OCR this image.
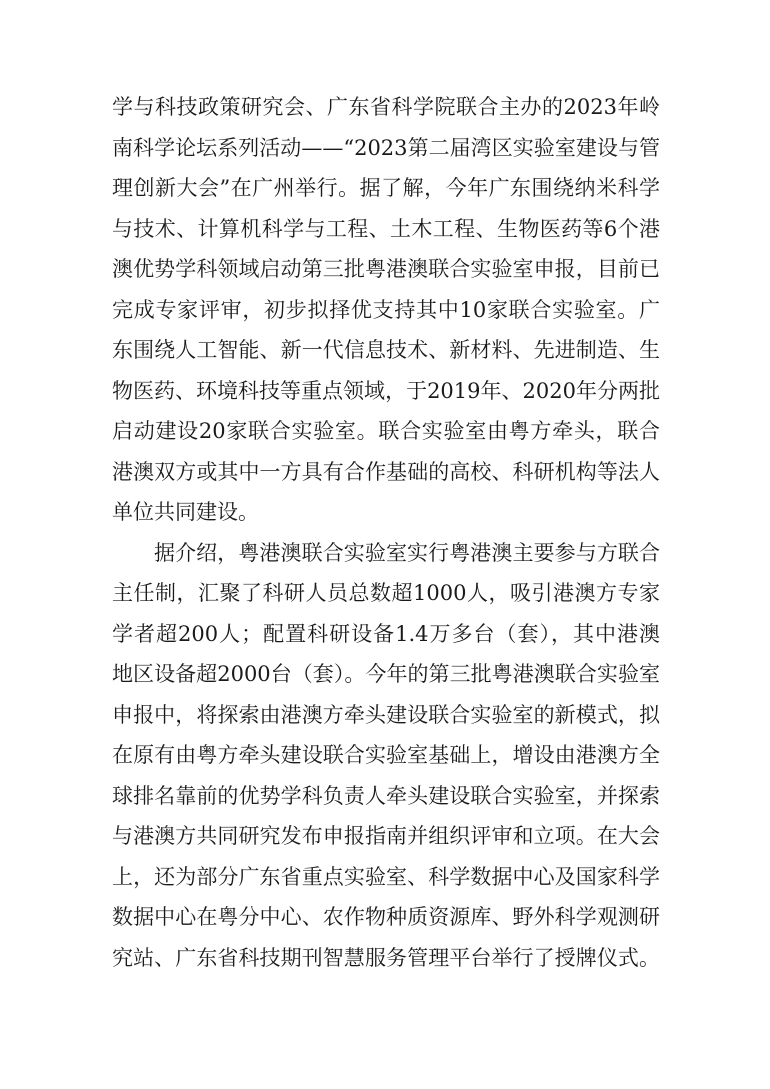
学与科技政策研究会、广东省科学院联合主办的2023年岭
南科学论坛系列活动——“2023第二届湾区实验室建设与管
理创新大会”在广州举行。据了解，今年广东围绕纳米科学
与技术、计算机科学与工程、土木工程、生物医药等6个港
澳优势学科领域启动第三批粤港澳联合实验室申报，目前已
完成专家评审，初步拟择优支持其中10家联合实验室。广
东围绕人工智能、新一代信息技术、新材料、先进制造、生
物医药、环境科技等重点领域，于2019年、2020年分两批
启动建设20家联合实验室。联合实验室由粤方牵头，联合
港澳双方或其中一方具有合作基础的高校、科研机构等法人
单位共同建设。
据介绍，粤港澳联合实验室实行粤港澳主要参与方联合
主任制，汇聚了科研人员总数超1000人，吸引港澳方专家
学者超200人；配置科研设备1.4万多台（套），其中港澳
地区设备超2000台（套）。今年的第三批粤港澳联合实验室
申报中，将探索由港澳方牵头建设联合实验室的新模式，拟
在原有由粤方牵头建设联合实验室基础上，增设由港澳方全
球排名靠前的优势学科负责人牵头建设联合实验室，并探索
与港澳方共同研究发布申报指南并组织评审和立项。在大会
上，还为部分广东省重点实验室、科学数据中心及国家科学
数据中心在粤分中心、农作物种质资源库、野外科学观测研
究站、广东省科技期刊智慧服务管理平台举行了授牌仪式。
